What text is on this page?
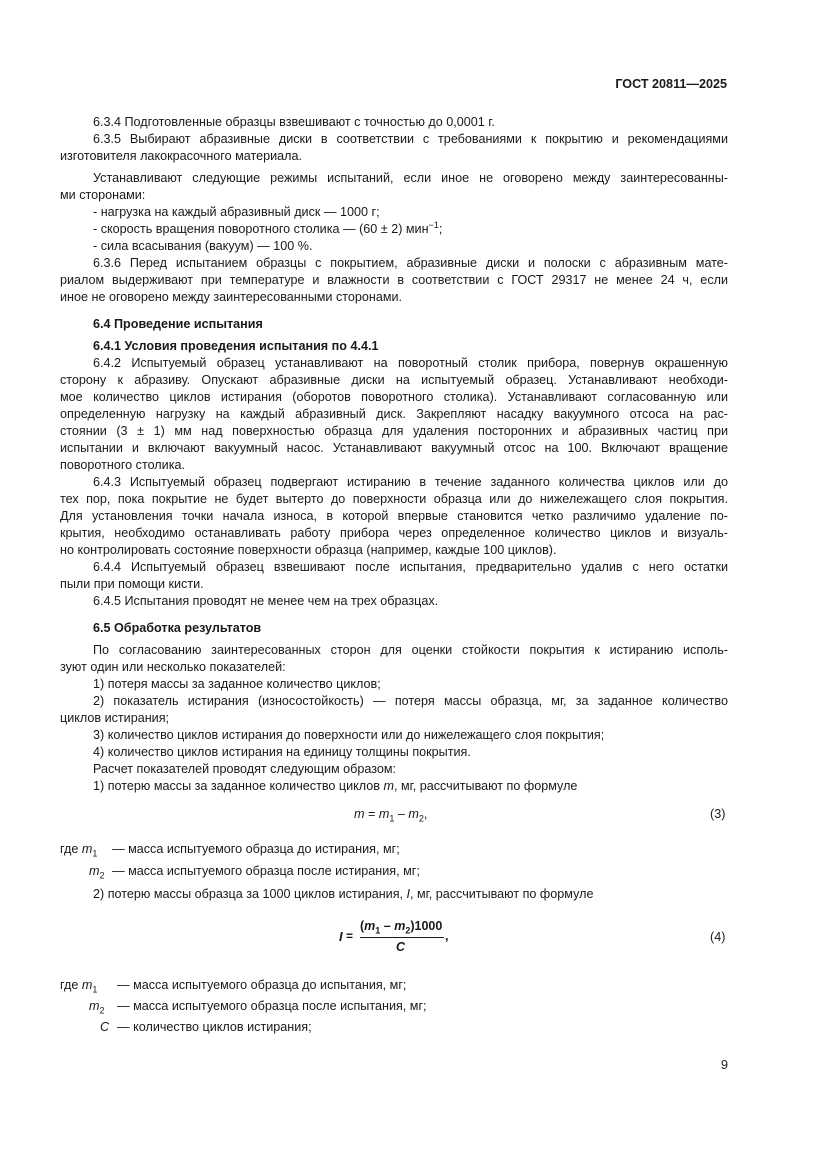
ГОСТ 20811—2025

6.3.4 Подготовленные образцы взвешивают с точностью до 0,0001 г.

6.3.5 Выбирают абразивные диски в соответствии с требованиями к покрытию и рекомендациями

изготовителя лакокрасочного материала.

Устанавливают следующие режимы испытаний, если иное не оговорено между заинтересованны-

ми сторонами:

- нагрузка на каждый абразивный диск — 1000 г;

- скорость вращения поворотного столика — (60 ± 2) мин$^{-1}$;

- сила всасывания (вакуум) — 100 %.

6.3.6 Перед испытанием образцы с покрытием, абразивные диски и полоски с абразивным мате-

риалом выдерживают при температуре и влажности в соответствии с ГОСТ 29317 не менее 24 ч, если

иное не оговорено между заинтересованными сторонами.

6.4 Проведение испытания

6.4.1 Условия проведения испытания по 4.4.1

6.4.2 Испытуемый образец устанавливают на поворотный столик прибора, повернув окрашенную

сторону к абразиву. Опускают абразивные диски на испытуемый образец. Устанавливают необходи-

мое количество циклов истирания (оборотов поворотного столика). Устанавливают согласованную или

определенную нагрузку на каждый абразивный диск. Закрепляют насадку вакуумного отсоса на рас-

стоянии (3 ± 1) мм над поверхностью образца для удаления посторонних и абразивных частиц при

испытании и включают вакуумный насос. Устанавливают вакуумный отсос на 100. Включают вращение

поворотного столика.

6.4.3 Испытуемый образец подвергают истиранию в течение заданного количества циклов или до

тех пор, пока покрытие не будет вытерто до поверхности образца или до нижележащего слоя покрытия.

Для установления точки начала износа, в которой впервые становится четко различимо удаление по-

крытия, необходимо останавливать работу прибора через определенное количество циклов и визуаль-

но контролировать состояние поверхности образца (например, каждые 100 циклов).

6.4.4 Испытуемый образец взвешивают после испытания, предварительно удалив с него остатки

пыли при помощи кисти.

6.4.5 Испытания проводят не менее чем на трех образцах.

6.5 Обработка результатов

По согласованию заинтересованных сторон для оценки стойкости покрытия к истиранию исполь-

зуют один или несколько показателей:

1) потеря массы за заданное количество циклов;

2) показатель истирания (износостойкость) — потеря массы образца, мг, за заданное количество

циклов истирания;

3) количество циклов истирания до поверхности или до нижележащего слоя покрытия;

4) количество циклов истирания на единицу толщины покрытия.

Расчет показателей проводят следующим образом:

1) потерю массы за заданное количество циклов m, мг, рассчитывают по формуле

$m = m_1 - m_2$,	(3)

где $m_1$ — масса испытуемого образца до истирания, мг;

$m_2$ — масса испытуемого образца после истирания, мг;

2) потерю массы образца за 1000 циклов истирания, I, мг, рассчитывают по формуле

I =
$(m_1 - m_2)1000$
C
,	(4)

где $m_1$ — масса испытуемого образца до испытания, мг;

$m_2$ — масса испытуемого образца после испытания, мг;

C — количество циклов истирания;

9
